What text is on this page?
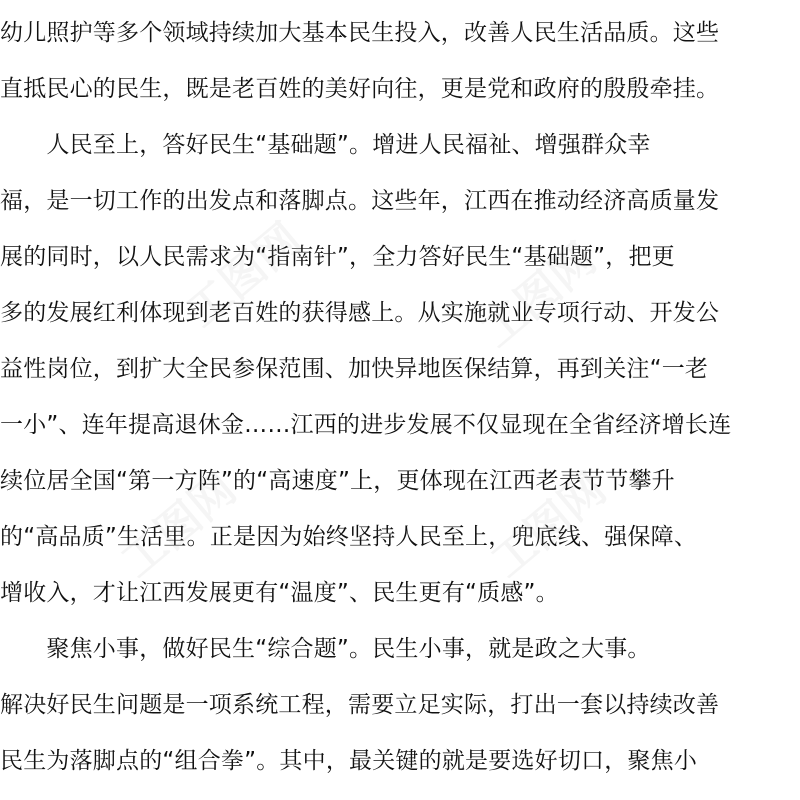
幼儿照护等多个领域持续加大基本民生投入，改善人民生活品质。这些
直抵民心的民生，既是老百姓的美好向往，更是党和政府的殷殷牵挂。
　　人民至上，答好民生“基础题”。增进人民福祉、增强群众幸
福，是一切工作的出发点和落脚点。这些年，江西在推动经济高质量发
展的同时，以人民需求为“指南针”，全力答好民生“基础题”，把更
多的发展红利体现到老百姓的获得感上。从实施就业专项行动、开发公
益性岗位，到扩大全民参保范围、加快异地医保结算，再到关注“一老
一小”、连年提高退休金……江西的进步发展不仅显现在全省经济增长连
续位居全国“第一方阵”的“高速度”上，更体现在江西老表节节攀升
的“高品质”生活里。正是因为始终坚持人民至上，兜底线、强保障、
增收入，才让江西发展更有“温度”、民生更有“质感”。
　　聚焦小事，做好民生“综合题”。民生小事，就是政之大事。
解决好民生问题是一项系统工程，需要立足实际，打出一套以持续改善
民生为落脚点的“组合拳”。其中，最关键的就是要选好切口，聚焦小
工图网	工图网
工图网	工图网
